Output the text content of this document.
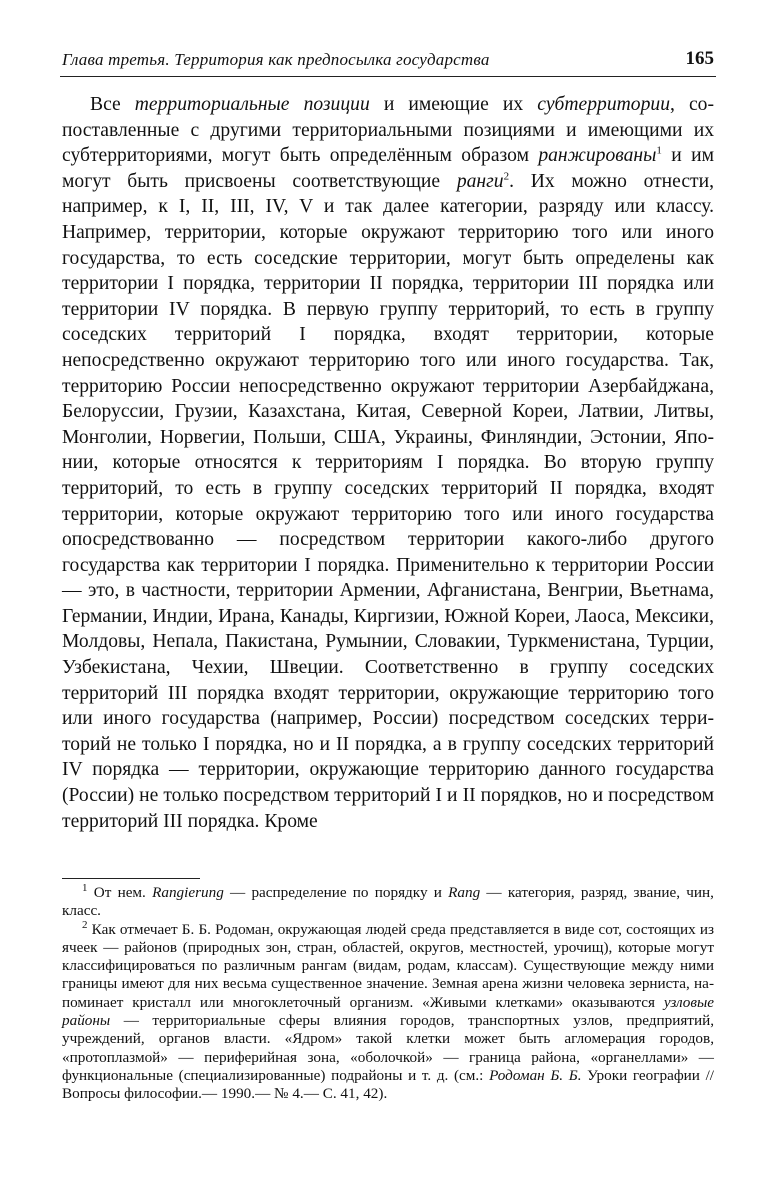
Глава третья. Территория как предпосылка государства	165

Все территориальные позиции и имеющие их субтерритории, сопоставленные с другими территориальными позициями и имеющими их субтерриториями, могут быть определённым образом ранжированы$^1$ и им могут быть присвоены соответствующие ранги$^2$. Их можно отнести, например, к I, II, III, IV, V и так далее категории, разряду или классу. Например, территории, которые окружают территорию того или иного государства, то есть соседские территории, могут быть определены как территории I порядка, территории II порядка, территории III порядка или территории IV порядка. В первую группу территорий, то есть в группу соседских территорий I порядка, входят территории, которые непосредственно окружают территорию того или иного государства. Так, территорию России непосредственно окружают территории Азербайджана, Белоруссии, Грузии, Казахстана, Китая, Северной Кореи, Латвии, Литвы, Монголии, Норвегии, Польши, США, Украины, Финляндии, Эстонии, Японии, которые относятся к территориям I порядка. Во вторую группу территорий, то есть в группу соседских территорий II порядка, входят территории, которые окружают территорию того или иного государства опосредствованно — посредством территории какого-либо другого государства как территории I порядка. Применительно к территории России — это, в частности, территории Армении, Афганистана, Венгрии, Вьетнама, Германии, Индии, Ирана, Канады, Киргизии, Южной Кореи, Лаоса, Мексики, Молдовы, Непала, Пакистана, Румынии, Словакии, Туркменистана, Турции, Узбекистана, Чехии, Швеции. Соответственно в группу соседских территорий III порядка входят территории, окружающие территорию того или иного государства (например, России) посредством соседских территорий не только I порядка, но и II порядка, а в группу соседских территорий IV порядка — территории, окружающие территорию данного государства (России) не только посредством территорий I и II порядков, но и посредством территорий III порядка. Кроме

$^1$ От нем. Rangierung — распределение по порядку и Rang — категория, разряд, звание, чин, класс.

$^2$ Как отмечает Б. Б. Родоман, окружающая людей среда представляется в виде сот, состоящих из ячеек — районов (природных зон, стран, областей, округов, местностей, урочищ), которые могут классифицироваться по различным рангам (видам, родам, классам). Существующие между ними границы имеют для них весьма существенное значение. Земная арена жизни человека зерниста, напоминает кристалл или многоклеточный организм. «Живыми клетками» оказываются узловые районы — территориальные сферы влияния городов, транспортных узлов, предприятий, учреждений, органов власти. «Ядром» такой клетки может быть агломерация городов, «протоплазмой» — периферийная зона, «оболочкой» — граница района, «органеллами» — функциональные (специализированные) подрайоны и т. д. (см.: Родоман Б. Б. Уроки географии // Вопросы философии.— 1990.— № 4.— С. 41, 42).
